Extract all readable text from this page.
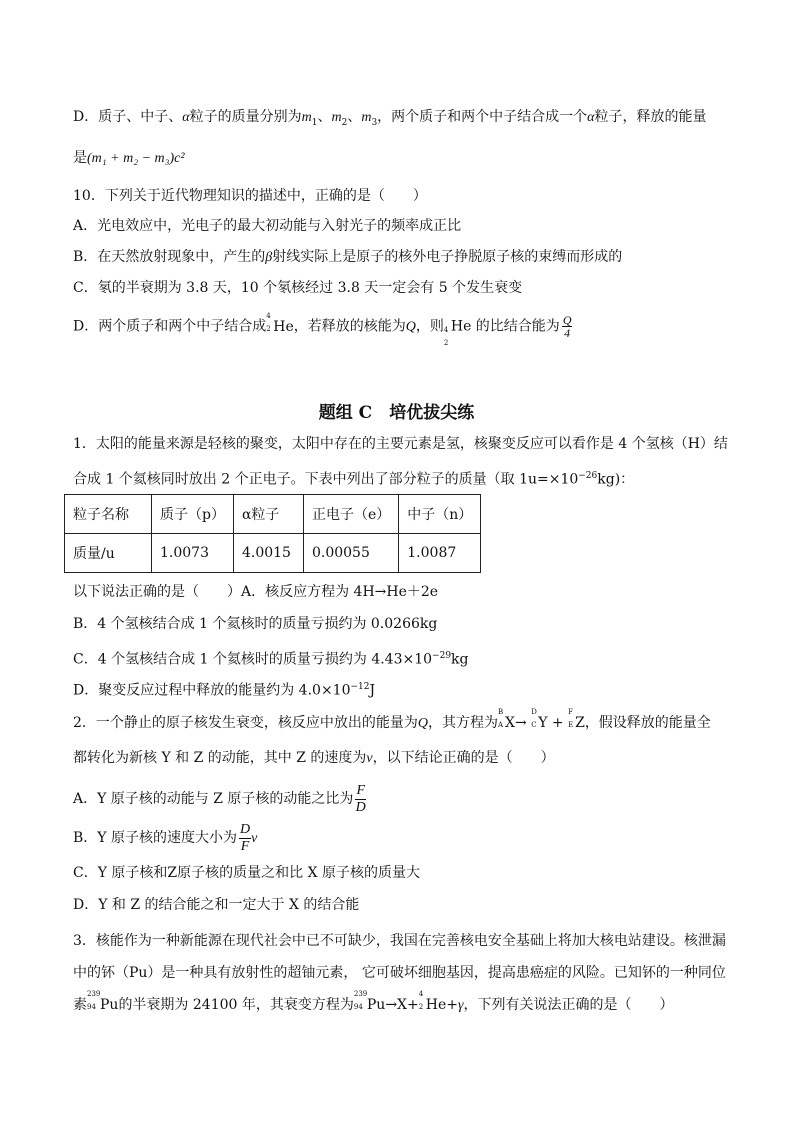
D．质子、中子、α粒子的质量分别为$m_1$、$m_2$、$m_3$，两个质子和两个中子结合成一个α粒子，释放的能量
是(m₁ + m₂ − m₃)c²
10．下列关于近代物理知识的描述中，正确的是（　　）
A．光电效应中，光电子的最大初动能与入射光子的频率成正比
B．在天然放射现象中，产生的β射线实际上是原子的核外电子挣脱原子核的束缚而形成的
C．氡的半衰期为 3.8 天，10 个氡核经过 3.8 天一定会有 5 个发生衰变
D．两个质子和两个中子结合成
4
2 He，若释放的核能为Q，则 4
2
He 的比结合能为 $\frac{Q}{4}$
题组 C　培优拔尖练
1．太阳的能量来源是轻核的聚变，太阳中存在的主要元素是氢，核聚变反应可以看作是 4 个氢核（H）结
合成 1 个氦核同时放出 2 个正电子。下表中列出了部分粒子的质量（取 $1u=\times 10^{-26}kg$)：
粒子名称	质子（p）	α粒子	正电子（e）	中子（n）
质量/u	1.0073	4.0015	0.00055	1.0087
以下说法正确的是（　　）A．核反应方程为 4H→He＋2e
B．4 个氢核结合成 1 个氦核时的质量亏损约为 0.0266kg
C．4 个氢核结合成 1 个氦核时的质量亏损约为 $4.43\times 10^{-29}kg$
D．聚变反应过程中释放的能量约为 $4.0\times 10^{-12}J$
2．一个静止的原子核发生衰变，核反应中放出的能量为Q，其方程为
B
A X→
D
C Y +
F
E Z，假设释放的能量全
都转化为新核 Y 和 Z 的动能，其中 Z 的速度为v，以下结论正确的是（　　）
A．Y 原子核的动能与 Z 原子核的动能之比为 $\frac{F}{D}$
B．Y 原子核的速度大小为 $\frac{D}{F}$ v
C．Y 原子核和Z原子核的质量之和比 X 原子核的质量大
D．Y 和 Z 的结合能之和一定大于 X 的结合能
3．核能作为一种新能源在现代社会中已不可缺少，我国在完善核电安全基础上将加大核电站建设。核泄漏
中的钚（Pu）是一种具有放射性的超铀元素， 它可破坏细胞基因，提高患癌症的风险。已知钚的一种同位
素
239
94 Pu的半衰期为 24100 年，其衰变方程为
239
94 Pu→X+
4
2 He+γ，下列有关说法正确的是（　　）
